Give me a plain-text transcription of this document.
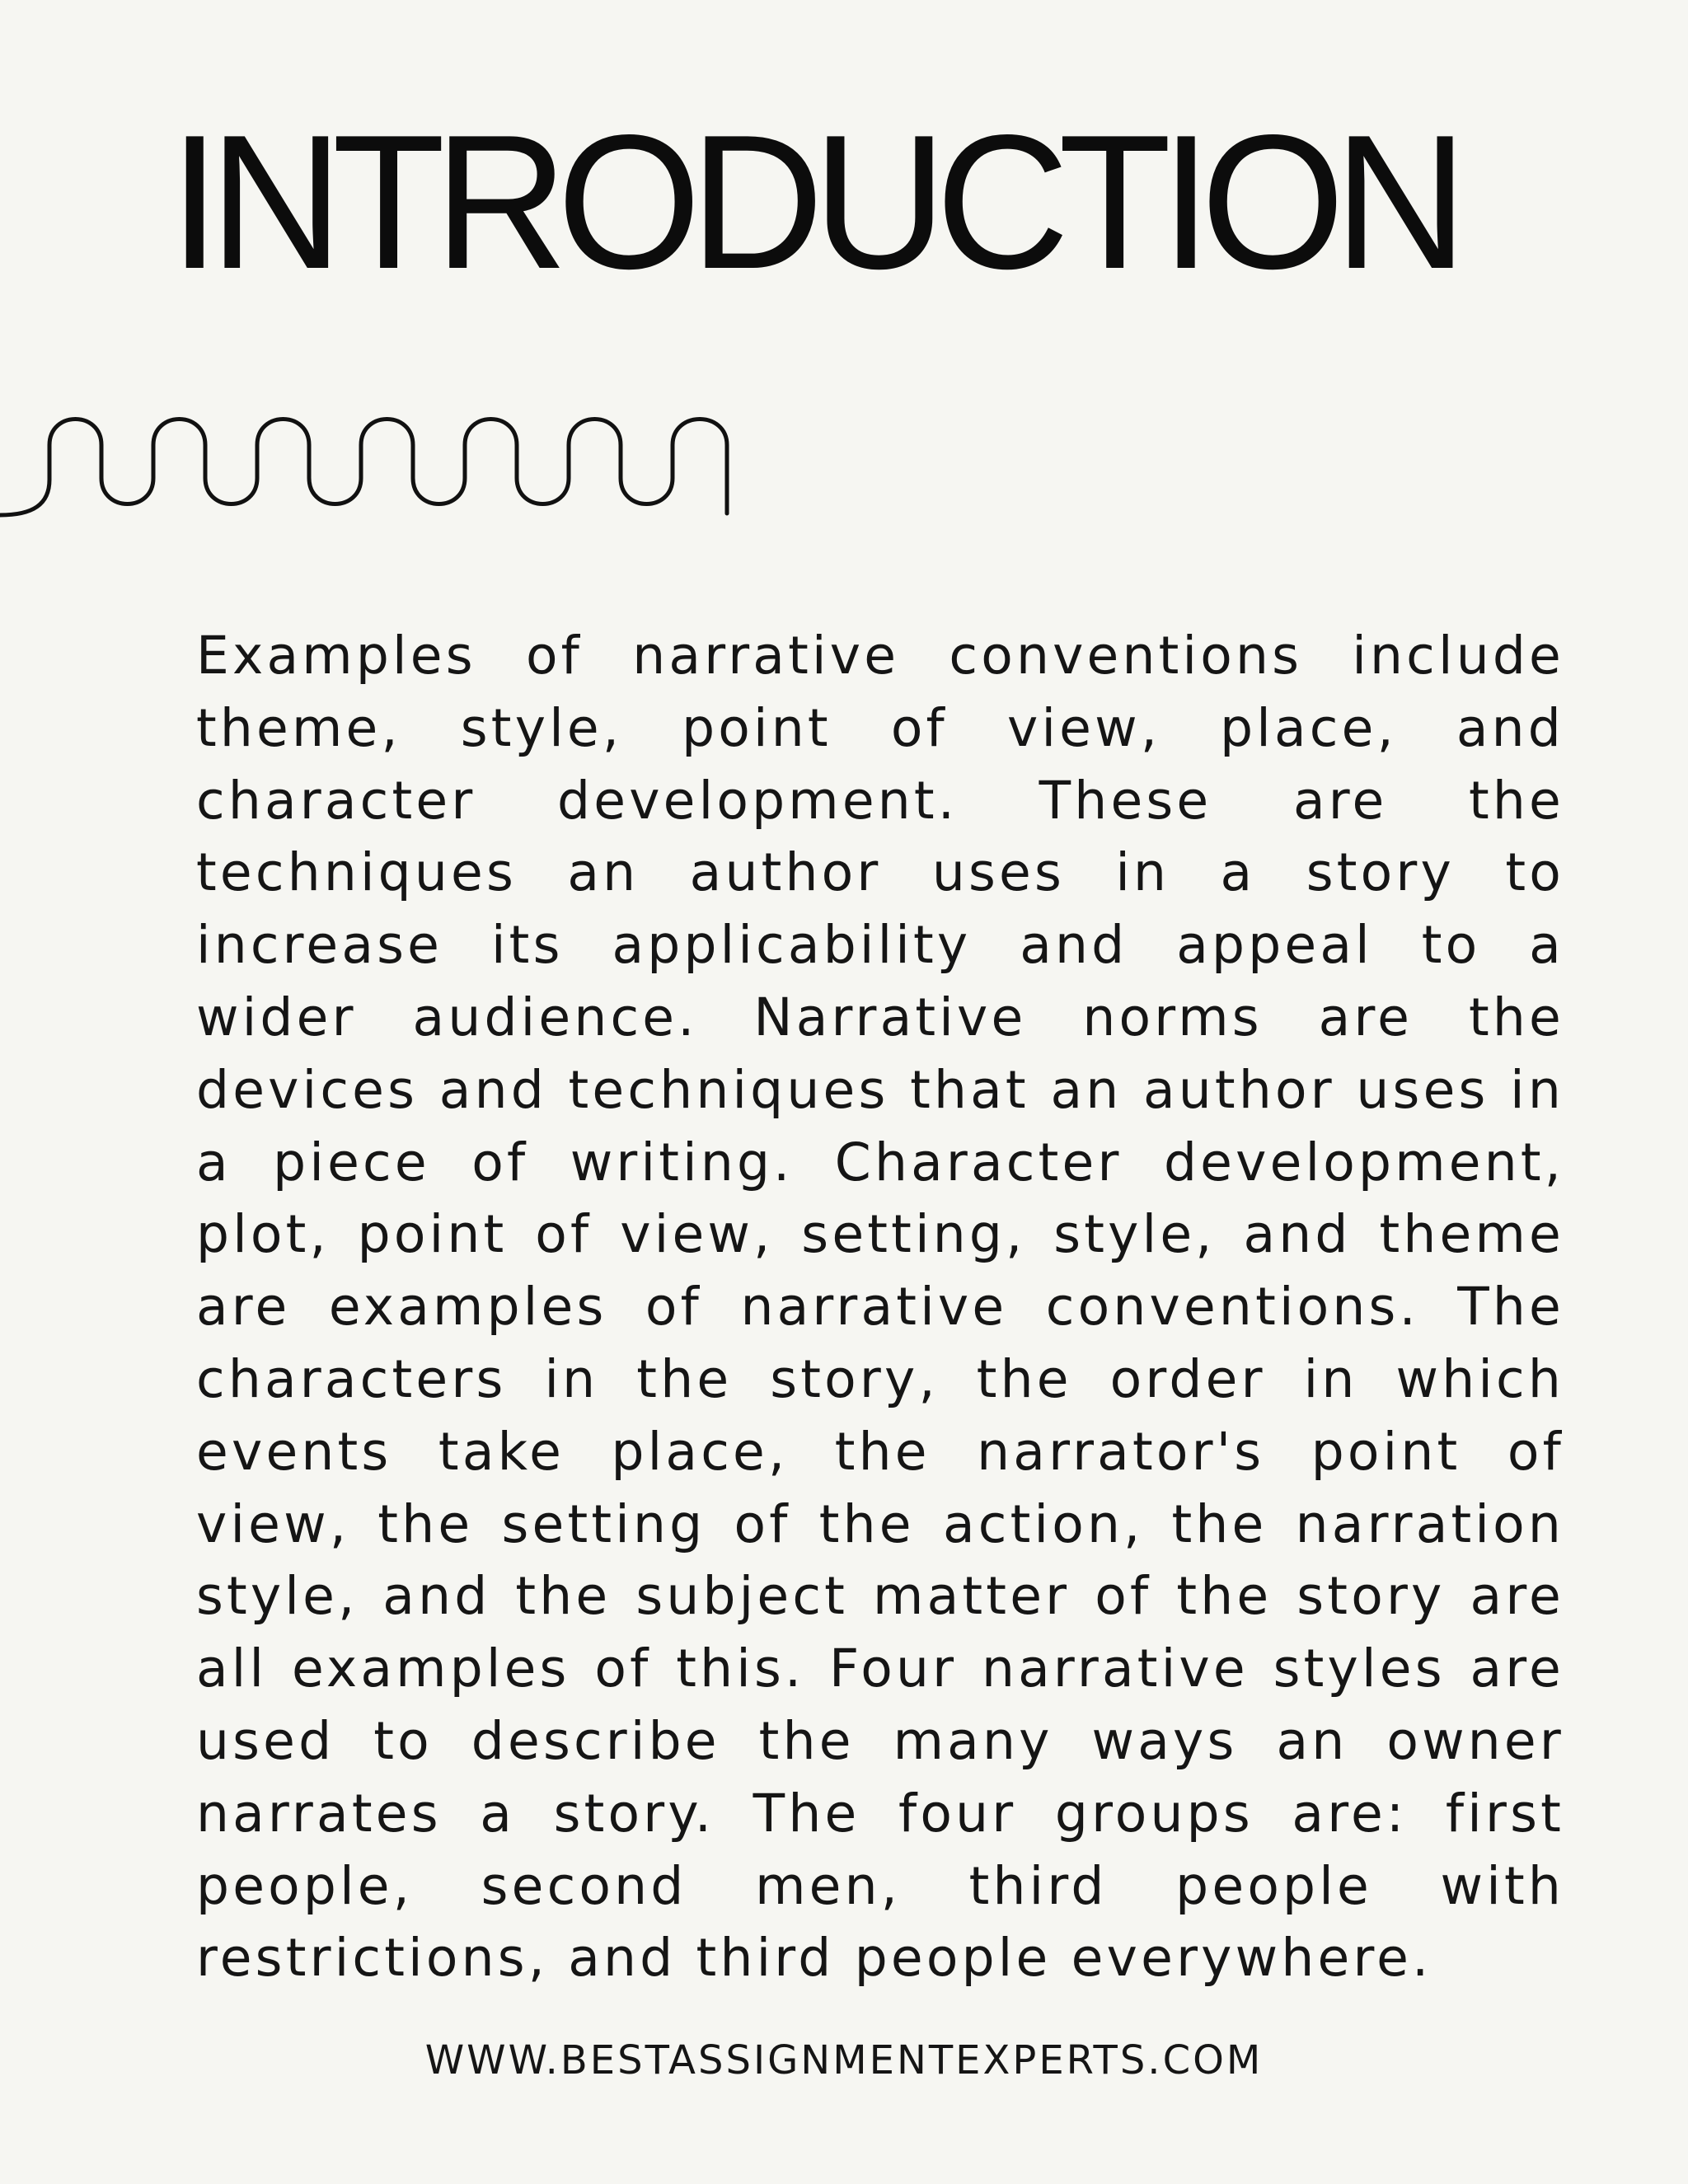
INTRODUCTION

Examples of narrative conventions include theme, style, point of view, place, and character development. These are the techniques an author uses in a story to increase its applicability and appeal to a wider audience. Narrative norms are the devices and techniques that an author uses in a piece of writing. Character development, plot, point of view, setting, style, and theme are examples of narrative conventions. The characters in the story, the order in which events take place, the narrator's point of view, the setting of the action, the narration style, and the subject matter of the story are all examples of this. Four narrative styles are used to describe the many ways an owner narrates a story. The four groups are: first people, second men, third people with restrictions, and third people everywhere.

WWW.BESTASSIGNMENTEXPERTS.COM
